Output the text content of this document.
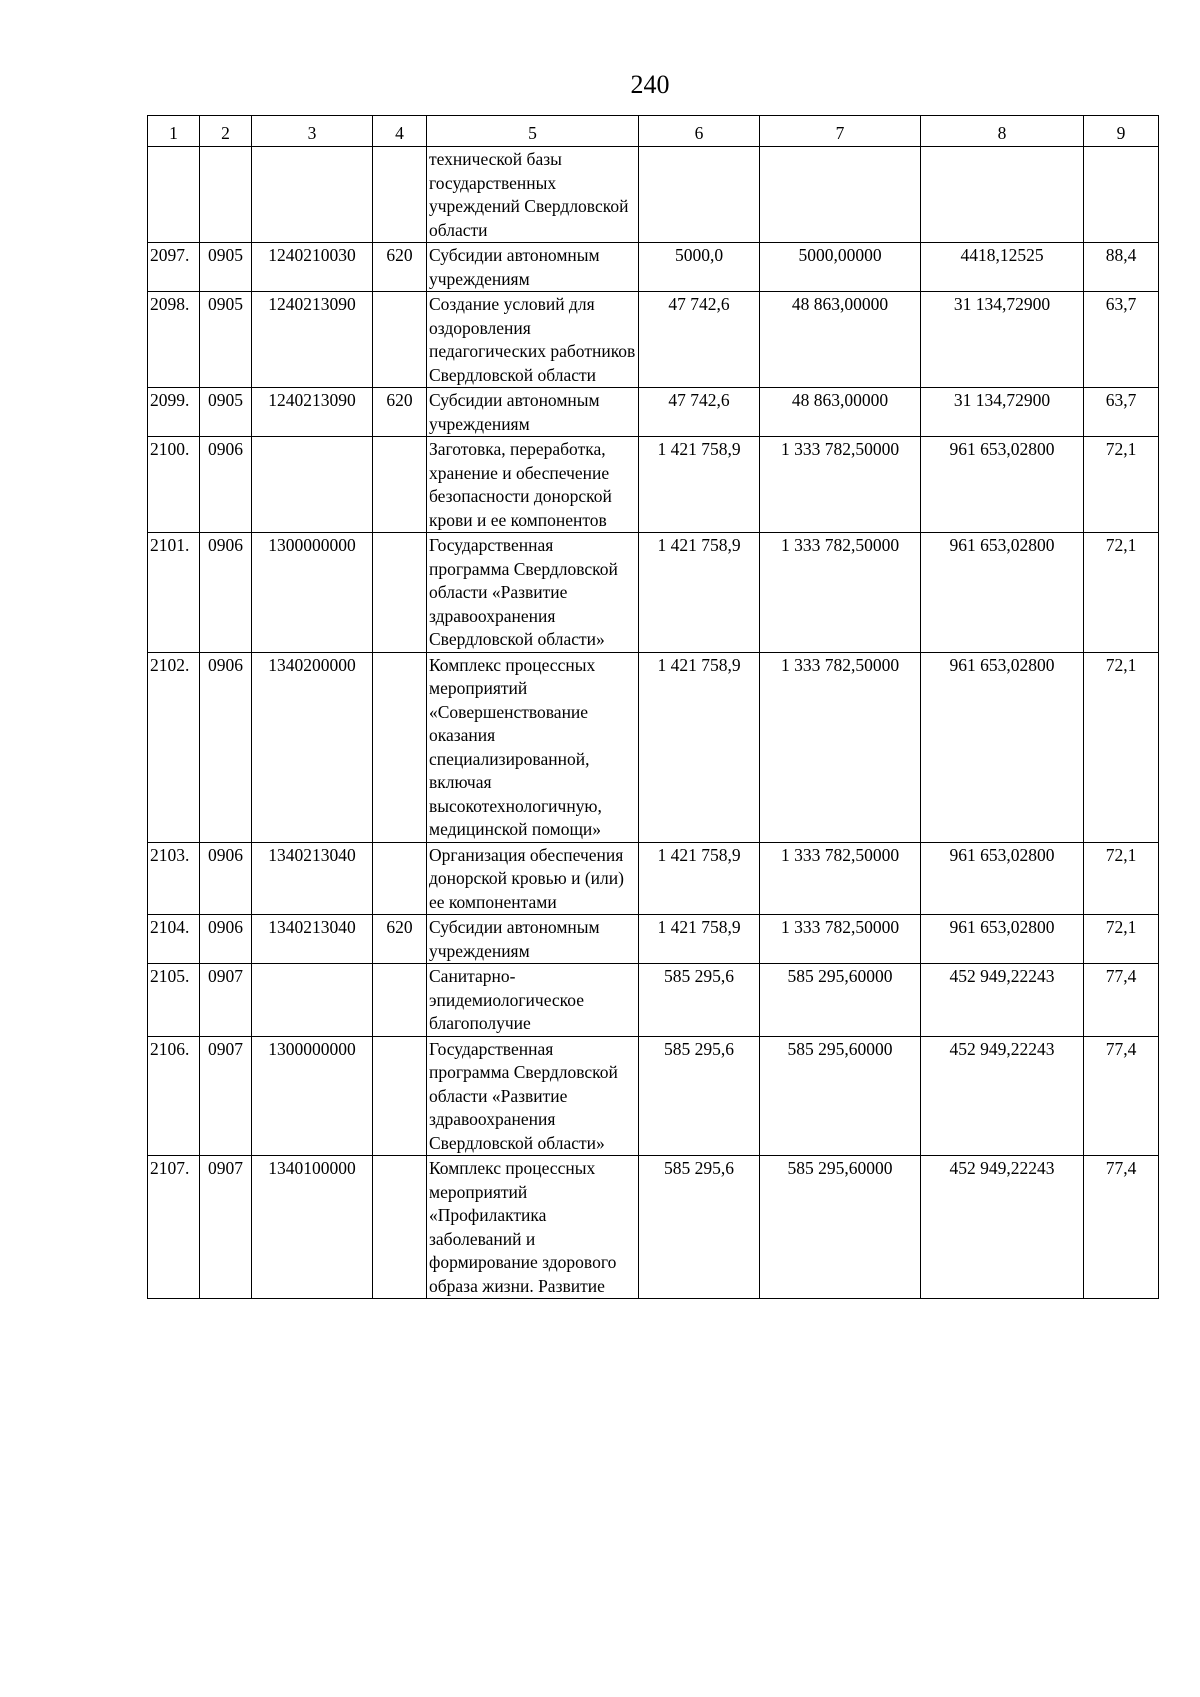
240
1	2	3	4	5	6	7	8	9
				технической базы государственных учреждений Свердловской области				
2097.	0905	1240210030	620	Субсидии автономным учреждениям	5000,0	5000,00000	4418,12525	88,4
2098.	0905	1240213090		Создание условий для оздоровления педагогических работников Свердловской области	47 742,6	48 863,00000	31 134,72900	63,7
2099.	0905	1240213090	620	Субсидии автономным учреждениям	47 742,6	48 863,00000	31 134,72900	63,7
2100.	0906			Заготовка, переработка, хранение и обеспечение безопасности донорской крови и ее компонентов	1 421 758,9	1 333 782,50000	961 653,02800	72,1
2101.	0906	1300000000		Государственная программа Свердловской области «Развитие здравоохранения Свердловской области»	1 421 758,9	1 333 782,50000	961 653,02800	72,1
2102.	0906	1340200000		Комплекс процессных мероприятий «Совершенствование оказания специализированной, включая высокотехнологичную, медицинской помощи»	1 421 758,9	1 333 782,50000	961 653,02800	72,1
2103.	0906	1340213040		Организация обеспечения донорской кровью и (или) ее компонентами	1 421 758,9	1 333 782,50000	961 653,02800	72,1
2104.	0906	1340213040	620	Субсидии автономным учреждениям	1 421 758,9	1 333 782,50000	961 653,02800	72,1
2105.	0907			Санитарно-эпидемиологическое благополучие	585 295,6	585 295,60000	452 949,22243	77,4
2106.	0907	1300000000		Государственная программа Свердловской области «Развитие здравоохранения Свердловской области»	585 295,6	585 295,60000	452 949,22243	77,4
2107.	0907	1340100000		Комплекс процессных мероприятий «Профилактика заболеваний и формирование здорового образа жизни. Развитие	585 295,6	585 295,60000	452 949,22243	77,4
